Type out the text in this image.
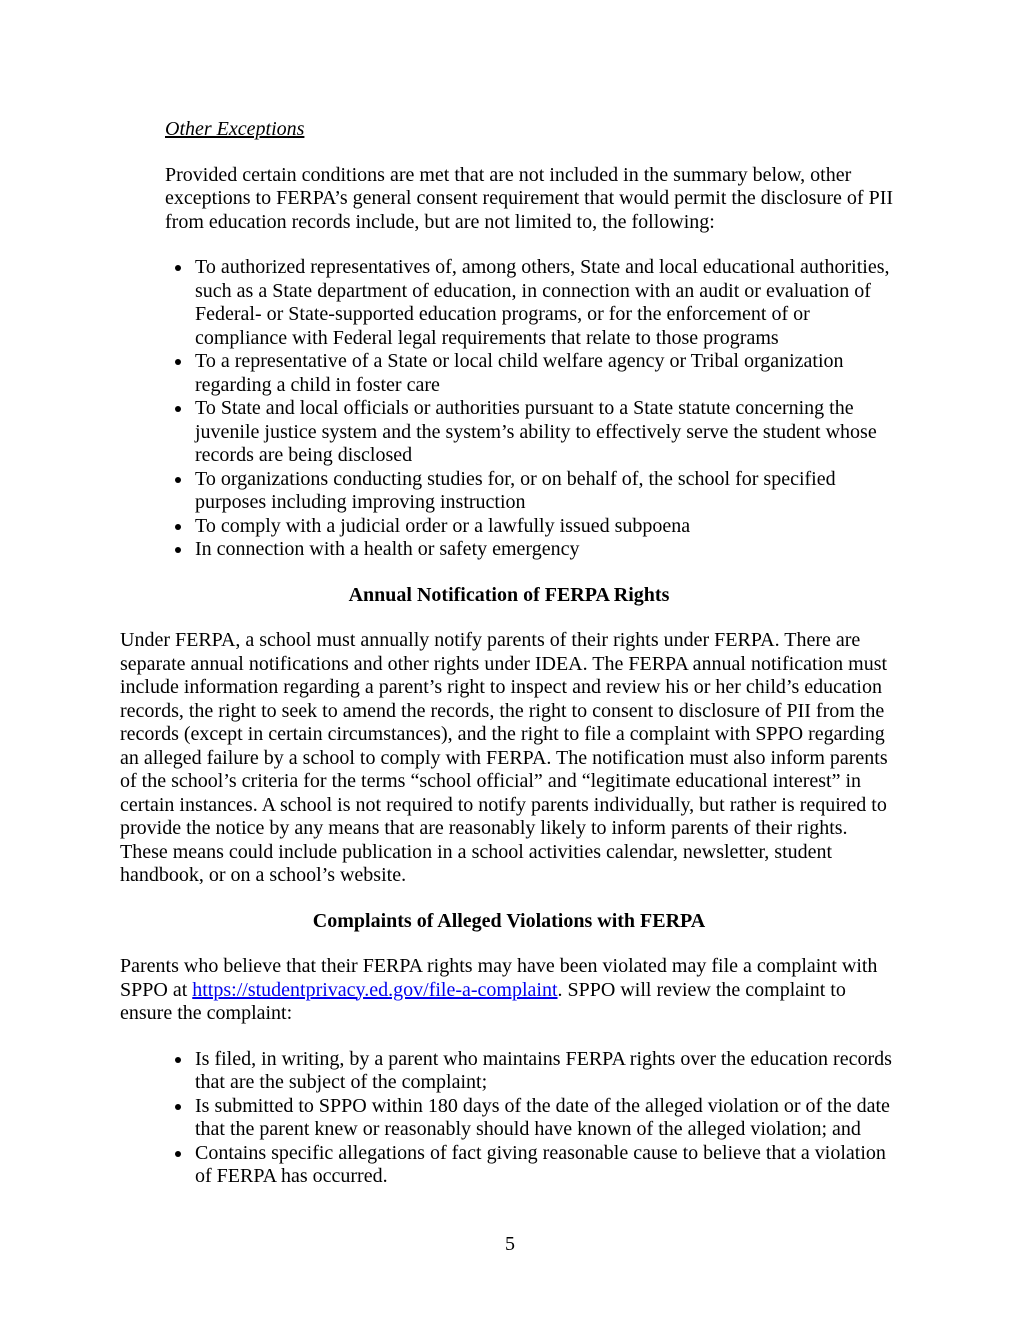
Other Exceptions

Provided certain conditions are met that are not included in the summary below, other exceptions to FERPA’s general consent requirement that would permit the disclosure of PII from education records include, but are not limited to, the following:

• To authorized representatives of, among others, State and local educational authorities, such as a State department of education, in connection with an audit or evaluation of Federal- or State-supported education programs, or for the enforcement of or compliance with Federal legal requirements that relate to those programs
• To a representative of a State or local child welfare agency or Tribal organization regarding a child in foster care
• To State and local officials or authorities pursuant to a State statute concerning the juvenile justice system and the system’s ability to effectively serve the student whose records are being disclosed
• To organizations conducting studies for, or on behalf of, the school for specified purposes including improving instruction
• To comply with a judicial order or a lawfully issued subpoena
• In connection with a health or safety emergency
Annual Notification of FERPA Rights

Under FERPA, a school must annually notify parents of their rights under FERPA. There are separate annual notifications and other rights under IDEA. The FERPA annual notification must include information regarding a parent’s right to inspect and review his or her child’s education records, the right to seek to amend the records, the right to consent to disclosure of PII from the records (except in certain circumstances), and the right to file a complaint with SPPO regarding an alleged failure by a school to comply with FERPA. The notification must also inform parents of the school’s criteria for the terms “school official” and “legitimate educational interest” in certain instances. A school is not required to notify parents individually, but rather is required to provide the notice by any means that are reasonably likely to inform parents of their rights. These means could include publication in a school activities calendar, newsletter, student handbook, or on a school’s website.

Complaints of Alleged Violations with FERPA

Parents who believe that their FERPA rights may have been violated may file a complaint with SPPO at https://studentprivacy.ed.gov/file-a-complaint. SPPO will review the complaint to ensure the complaint:

• Is filed, in writing, by a parent who maintains FERPA rights over the education records that are the subject of the complaint;
• Is submitted to SPPO within 180 days of the date of the alleged violation or of the date that the parent knew or reasonably should have known of the alleged violation; and
• Contains specific allegations of fact giving reasonable cause to believe that a violation of FERPA has occurred.
5
